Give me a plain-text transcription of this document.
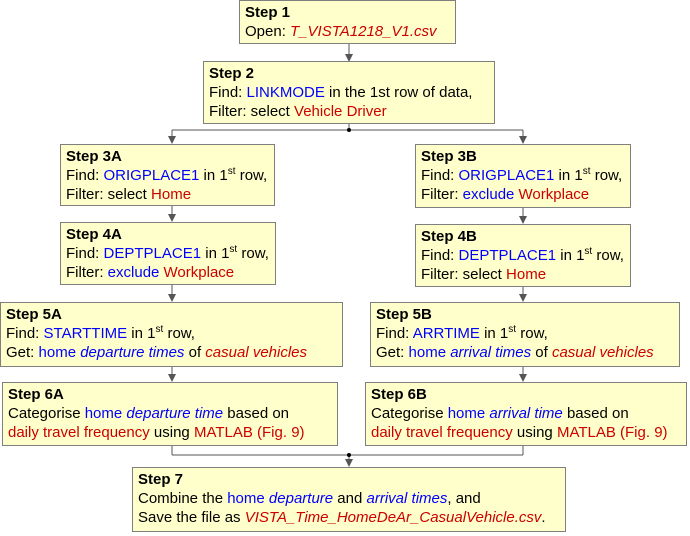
Step 1
Open: T_VISTA1218_V1.csv
Step 2
Find: LINKMODE in the 1st row of data,
Filter: select Vehicle Driver
Step 3A
Find: ORIGPLACE1 in 1st row,
Filter: select Home
Step 3B
Find: ORIGPLACE1 in 1st row,
Filter: exclude Workplace
Step 4A
Find: DEPTPLACE1 in 1st row,
Filter: exclude Workplace
Step 4B
Find: DEPTPLACE1 in 1st row,
Filter: select Home
Step 5A
Find: STARTTIME in 1st row,
Get: home departure times of casual vehicles
Step 5B
Find: ARRTIME in 1st row,
Get: home arrival times of casual vehicles
Step 6A
Categorise home departure time based on
daily travel frequency using MATLAB (Fig. 9)
Step 6B
Categorise home arrival time based on
daily travel frequency using MATLAB (Fig. 9)
Step 7
Combine the home departure and arrival times, and
Save the file as VISTA_Time_HomeDeAr_CasualVehicle.csv.
